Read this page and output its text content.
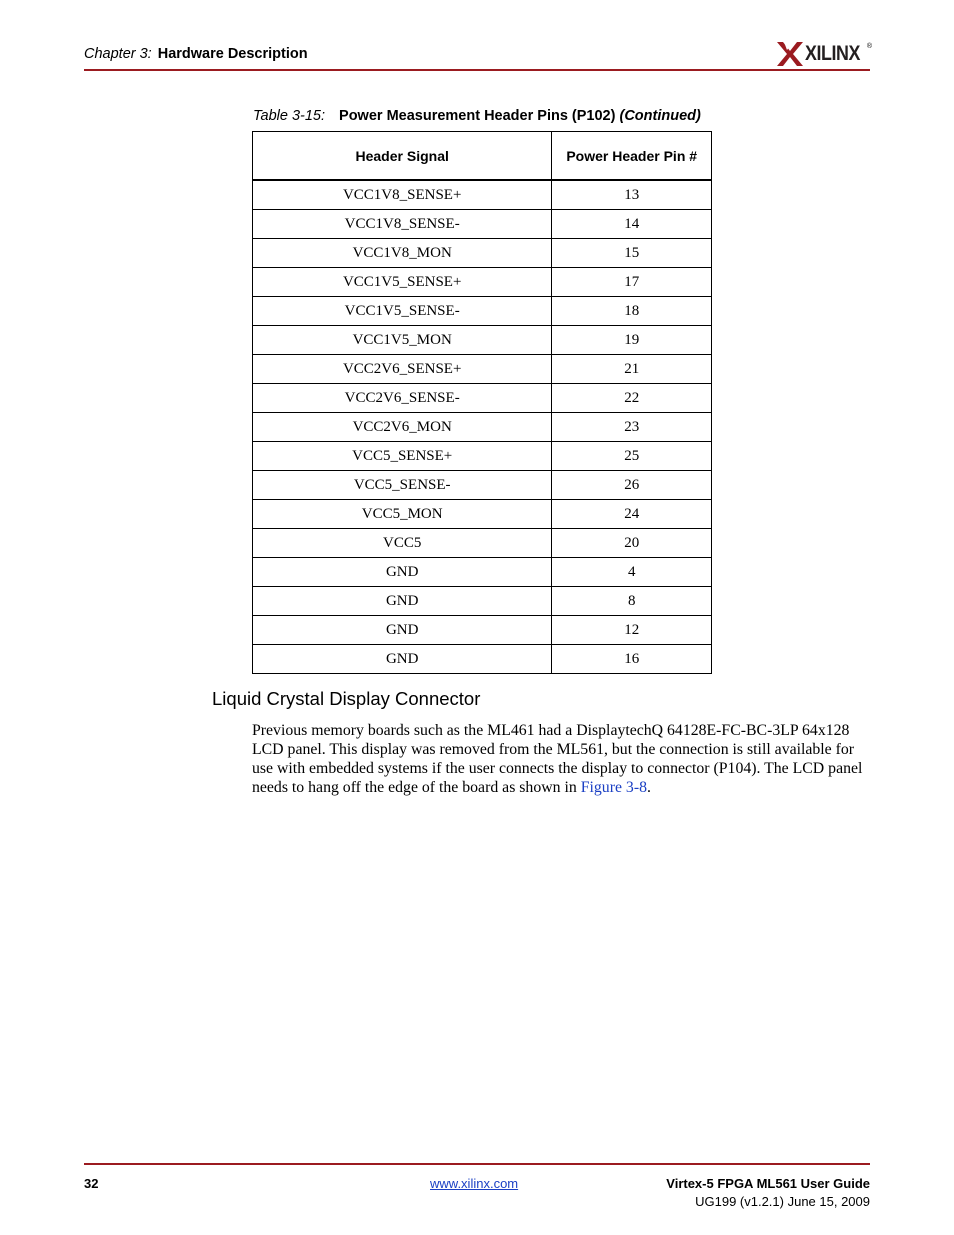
Chapter 3: Hardware Description	XILINX ®
Table 3-15: Power Measurement Header Pins (P102) (Continued)
Header Signal	Power Header Pin #
VCC1V8_SENSE+	13
VCC1V8_SENSE-	14
VCC1V8_MON	15
VCC1V5_SENSE+	17
VCC1V5_SENSE-	18
VCC1V5_MON	19
VCC2V6_SENSE+	21
VCC2V6_SENSE-	22
VCC2V6_MON	23
VCC5_SENSE+	25
VCC5_SENSE-	26
VCC5_MON	24
VCC5	20
GND	4
GND	8
GND	12
GND	16
Liquid Crystal Display Connector
Previous memory boards such as the ML461 had a DisplaytechQ 64128E-FC-BC-3LP 64x128 LCD panel. This display was removed from the ML561, but the connection is still available for use with embedded systems if the user connects the display to connector (P104). The LCD panel needs to hang off the edge of the board as shown in Figure 3-8.
32	www.xilinx.com	Virtex-5 FPGA ML561 User Guide
UG199 (v1.2.1) June 15, 2009
